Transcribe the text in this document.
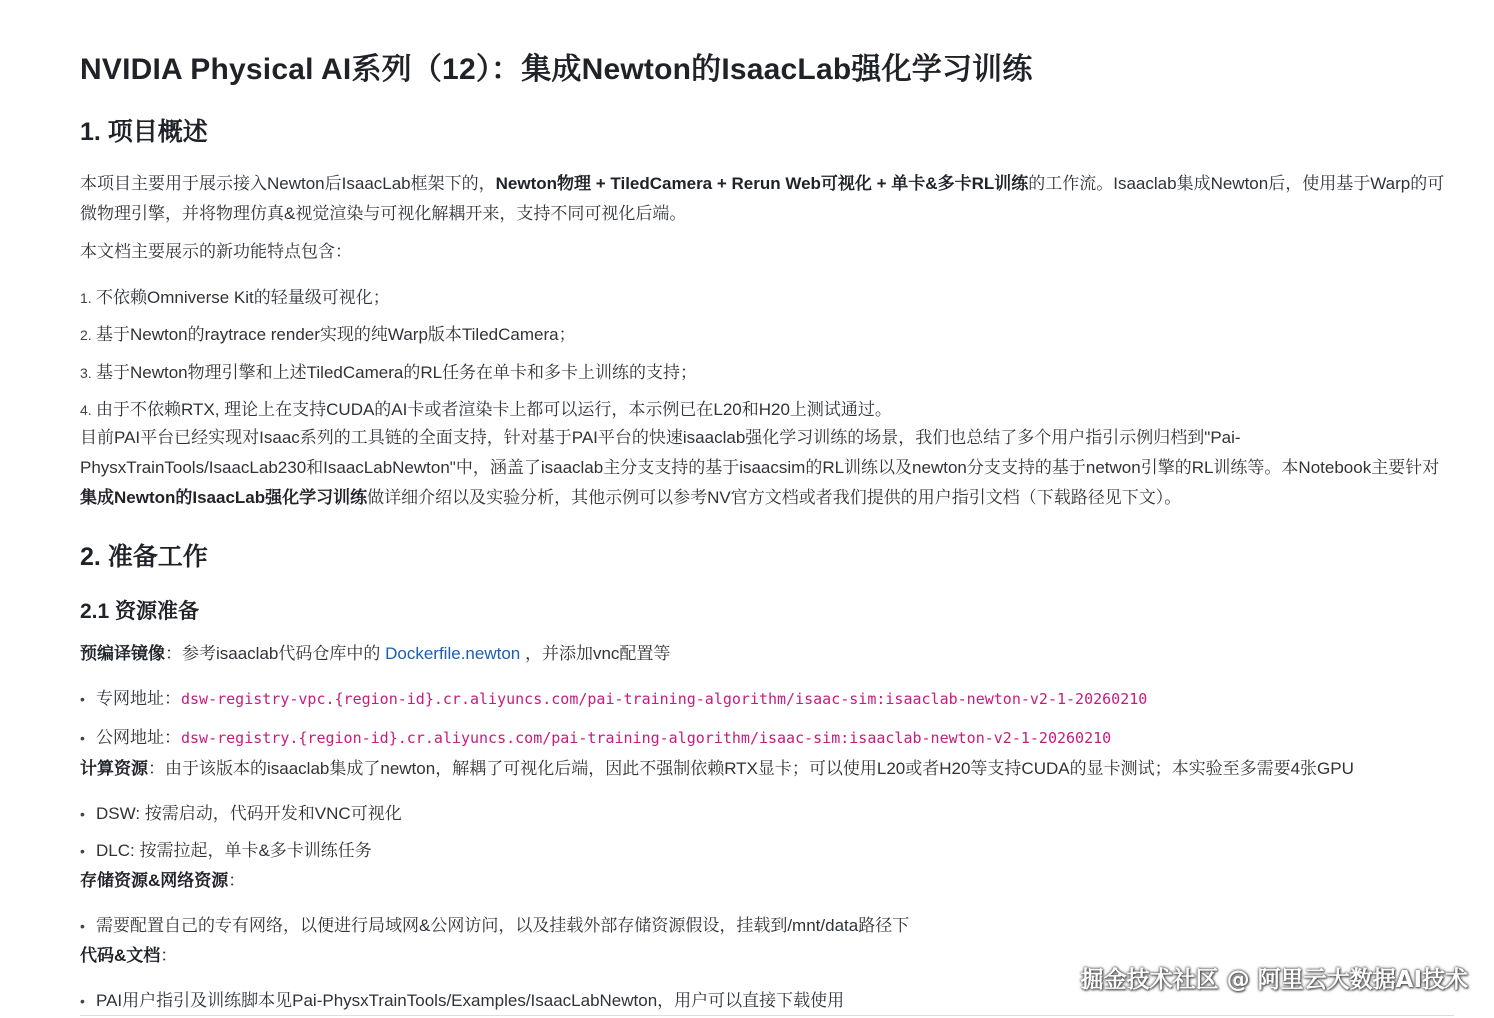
NVIDIA Physical AI系列（12）：集成Newton的IsaacLab强化学习训练
1. 项目概述
本项目主要用于展示接入Newton后IsaacLab框架下的，Newton物理 + TiledCamera + Rerun Web可视化 + 单卡&多卡RL训练的工作流。Isaaclab集成Newton后，使用基于Warp的可微物理引擎，并将物理仿真&视觉渲染与可视化解耦开来，支持不同可视化后端。
本文档主要展示的新功能特点包含：
1. 不依赖Omniverse Kit的轻量级可视化；
2. 基于Newton的raytrace render实现的纯Warp版本TiledCamera；
3. 基于Newton物理引擎和上述TiledCamera的RL任务在单卡和多卡上训练的支持；
4. 由于不依赖RTX, 理论上在支持CUDA的AI卡或者渲染卡上都可以运行，本示例已在L20和H20上测试通过。
目前PAI平台已经实现对Isaac系列的工具链的全面支持，针对基于PAI平台的快速isaaclab强化学习训练的场景，我们也总结了多个用户指引示例归档到"Pai-PhysxTrainTools/IsaacLab230和IsaacLabNewton"中，涵盖了isaaclab主分支支持的基于isaacsim的RL训练以及newton分支支持的基于netwon引擎的RL训练等。本Notebook主要针对集成Newton的IsaacLab强化学习训练做详细介绍以及实验分析，其他示例可以参考NV官方文档或者我们提供的用户指引文档（下载路径见下文）。
2. 准备工作
2.1 资源准备
预编译镜像：参考isaaclab代码仓库中的 Dockerfile.newton ，并添加vnc配置等
• 专网地址：dsw-registry-vpc.{region-id}.cr.aliyuncs.com/pai-training-algorithm/isaac-sim:isaaclab-newton-v2-1-20260210
• 公网地址：dsw-registry.{region-id}.cr.aliyuncs.com/pai-training-algorithm/isaac-sim:isaaclab-newton-v2-1-20260210
计算资源：由于该版本的isaaclab集成了newton，解耦了可视化后端，因此不强制依赖RTX显卡；可以使用L20或者H20等支持CUDA的显卡测试；本实验至多需要4张GPU
• DSW: 按需启动，代码开发和VNC可视化
• DLC: 按需拉起，单卡&多卡训练任务
存储资源&网络资源：
• 需要配置自己的专有网络，以便进行局域网&公网访问，以及挂载外部存储资源假设，挂载到/mnt/data路径下
代码&文档：
• PAI用户指引及训练脚本见Pai-PhysxTrainTools/Examples/IsaacLabNewton，用户可以直接下载使用
掘金技术社区 @ 阿里云大数据AI技术
